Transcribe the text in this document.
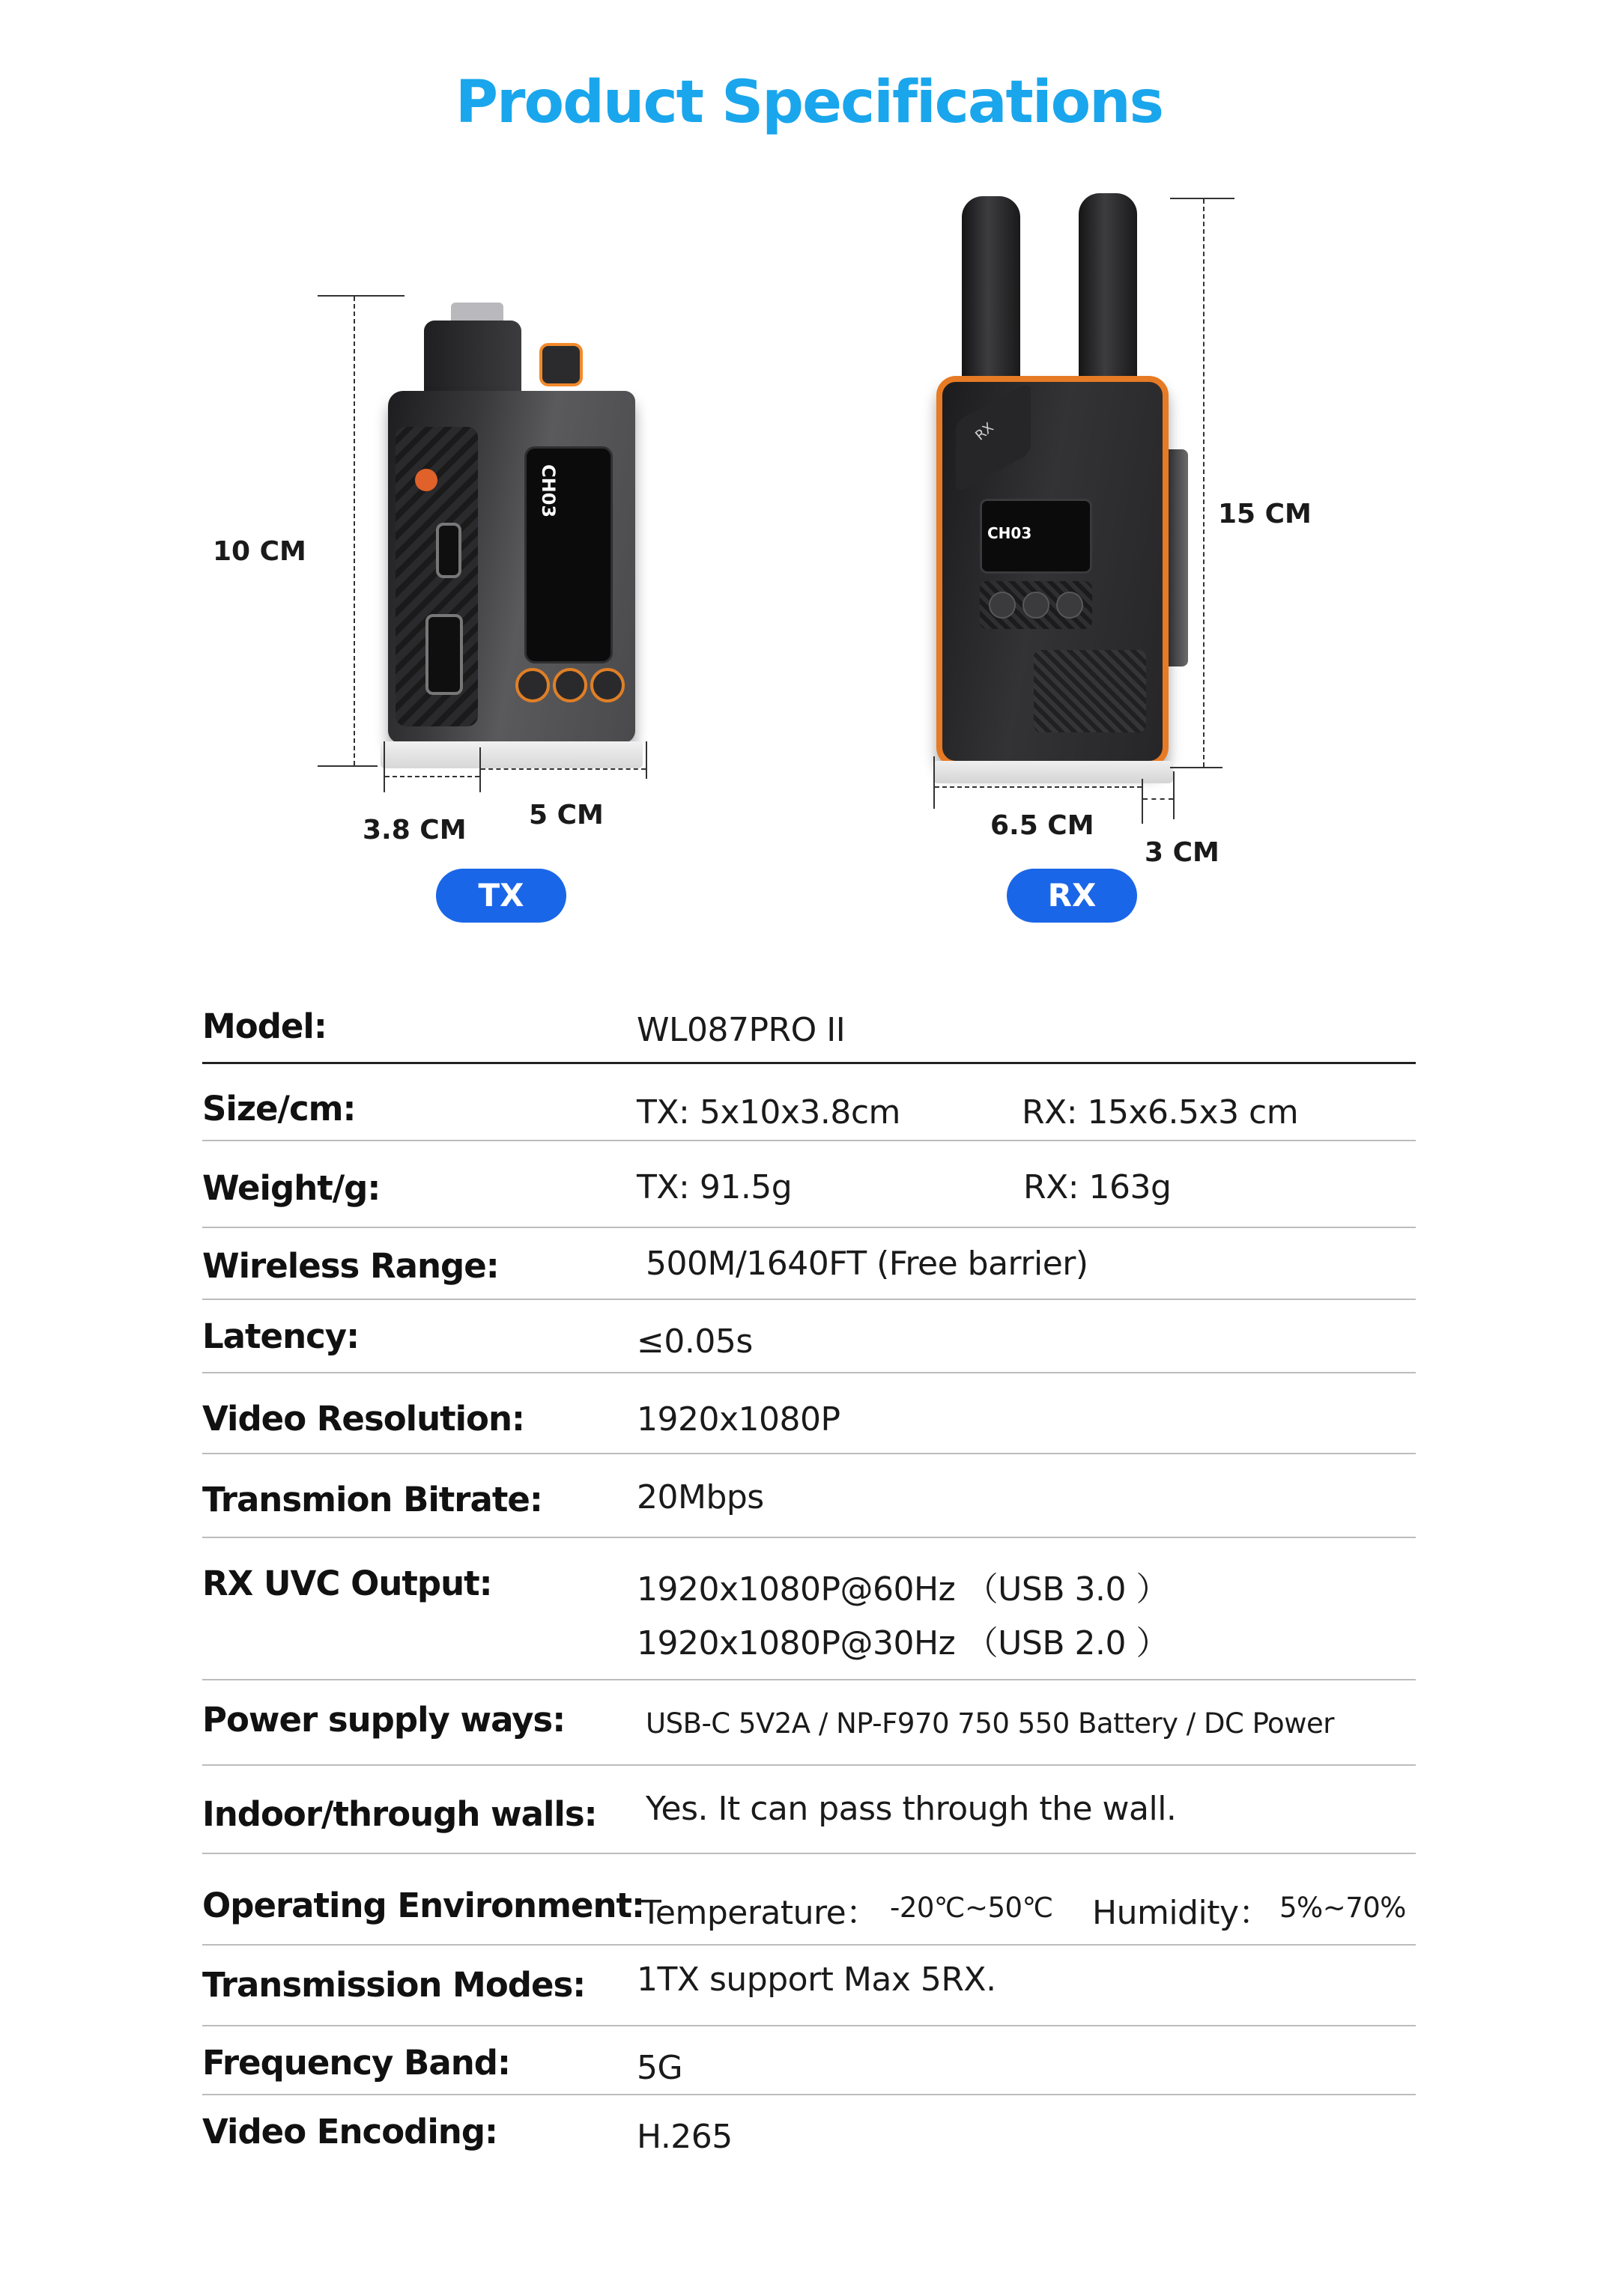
Product Specifications
10 CM
CH03
3.8 CM 5 CM
TX
RX
CH03
15 CM
6.5 CM
3 CM
RX
Model:	WL087PRO II
Size/cm:	TX: 5x10x3.8cm	RX: 15x6.5x3 cm
Weight/g:	TX: 91.5g	RX: 163g
Wireless Range:	500M/1640FT (Free barrier)
Latency:	≤0.05s
Video Resolution:	1920x1080P
Transmion Bitrate:	20Mbps
RX UVC Output:	1920x1080P@60Hz （USB 3.0 ）
1920x1080P@30Hz （USB 2.0 ）
Power supply ways:	USB-C 5V2A / NP-F970 750 550 Battery / DC Power
Indoor/through walls: Yes. It can pass through the wall.
Operating Environment:
Temperature： -20℃~50℃ Humidity： 5%~70%
Transmission Modes: 1TX support Max 5RX.
Frequency Band:	5G
Video Encoding:	H.265
